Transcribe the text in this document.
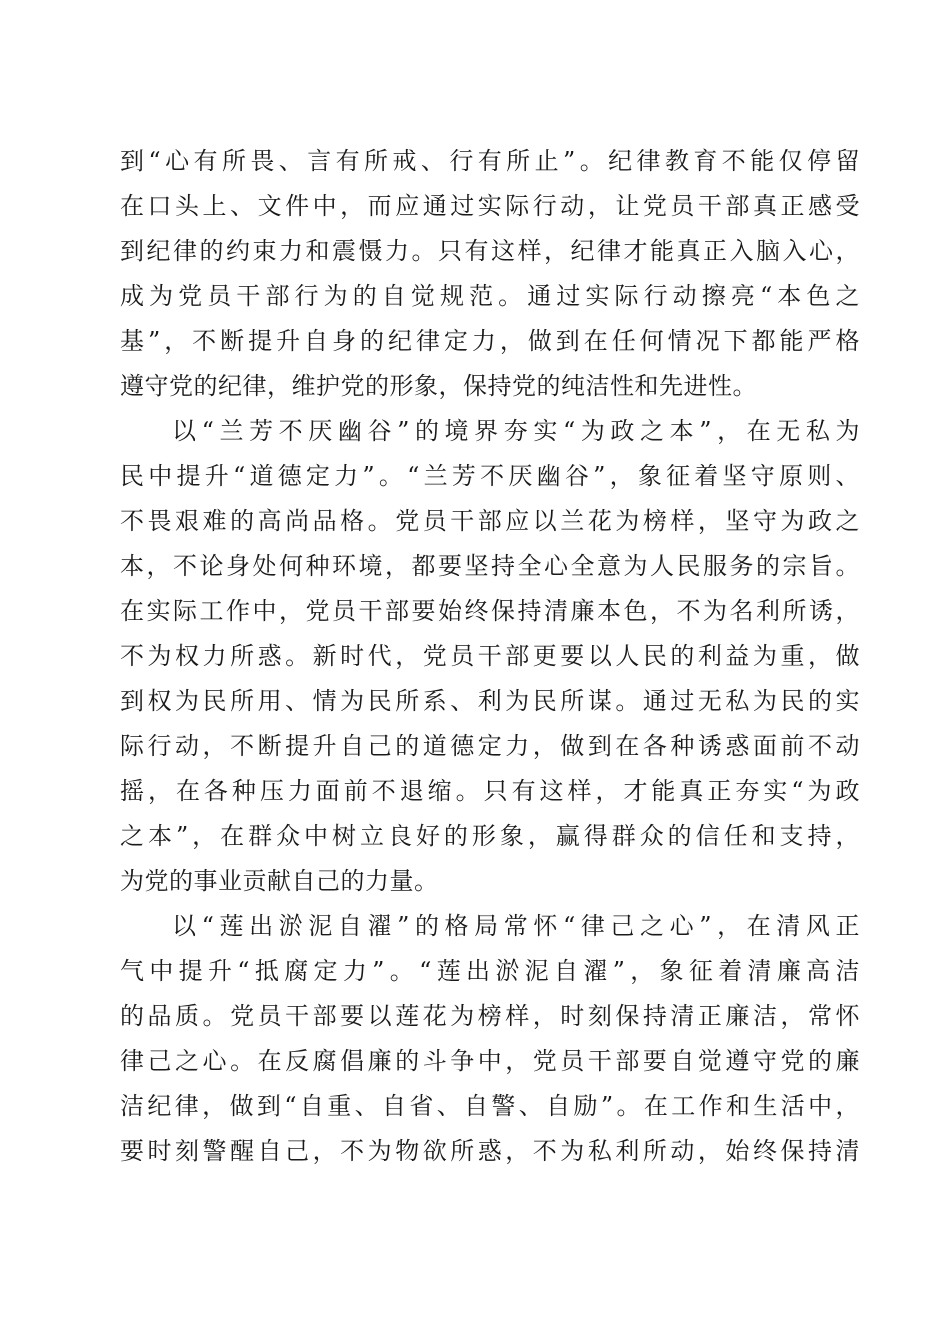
到“心有所畏、言有所戒、行有所止”。纪律教育不能仅停留
在口头上、文件中，而应通过实际行动，让党员干部真正感受
到纪律的约束力和震慑力。只有这样，纪律才能真正入脑入心，
成为党员干部行为的自觉规范。通过实际行动擦亮“本色之
基”，不断提升自身的纪律定力，做到在任何情况下都能严格
遵守党的纪律，维护党的形象，保持党的纯洁性和先进性。
以“兰芳不厌幽谷”的境界夯实“为政之本”，在无私为
民中提升“道德定力”。“兰芳不厌幽谷”，象征着坚守原则、
不畏艰难的高尚品格。党员干部应以兰花为榜样，坚守为政之
本，不论身处何种环境，都要坚持全心全意为人民服务的宗旨。
在实际工作中，党员干部要始终保持清廉本色，不为名利所诱，
不为权力所惑。新时代，党员干部更要以人民的利益为重，做
到权为民所用、情为民所系、利为民所谋。通过无私为民的实
际行动，不断提升自己的道德定力，做到在各种诱惑面前不动
摇，在各种压力面前不退缩。只有这样，才能真正夯实“为政
之本”，在群众中树立良好的形象，赢得群众的信任和支持，
为党的事业贡献自己的力量。
以“莲出淤泥自濯”的格局常怀“律己之心”，在清风正
气中提升“抵腐定力”。“莲出淤泥自濯”，象征着清廉高洁
的品质。党员干部要以莲花为榜样，时刻保持清正廉洁，常怀
律己之心。在反腐倡廉的斗争中，党员干部要自觉遵守党的廉
洁纪律，做到“自重、自省、自警、自励”。在工作和生活中，
要时刻警醒自己，不为物欲所惑，不为私利所动，始终保持清
